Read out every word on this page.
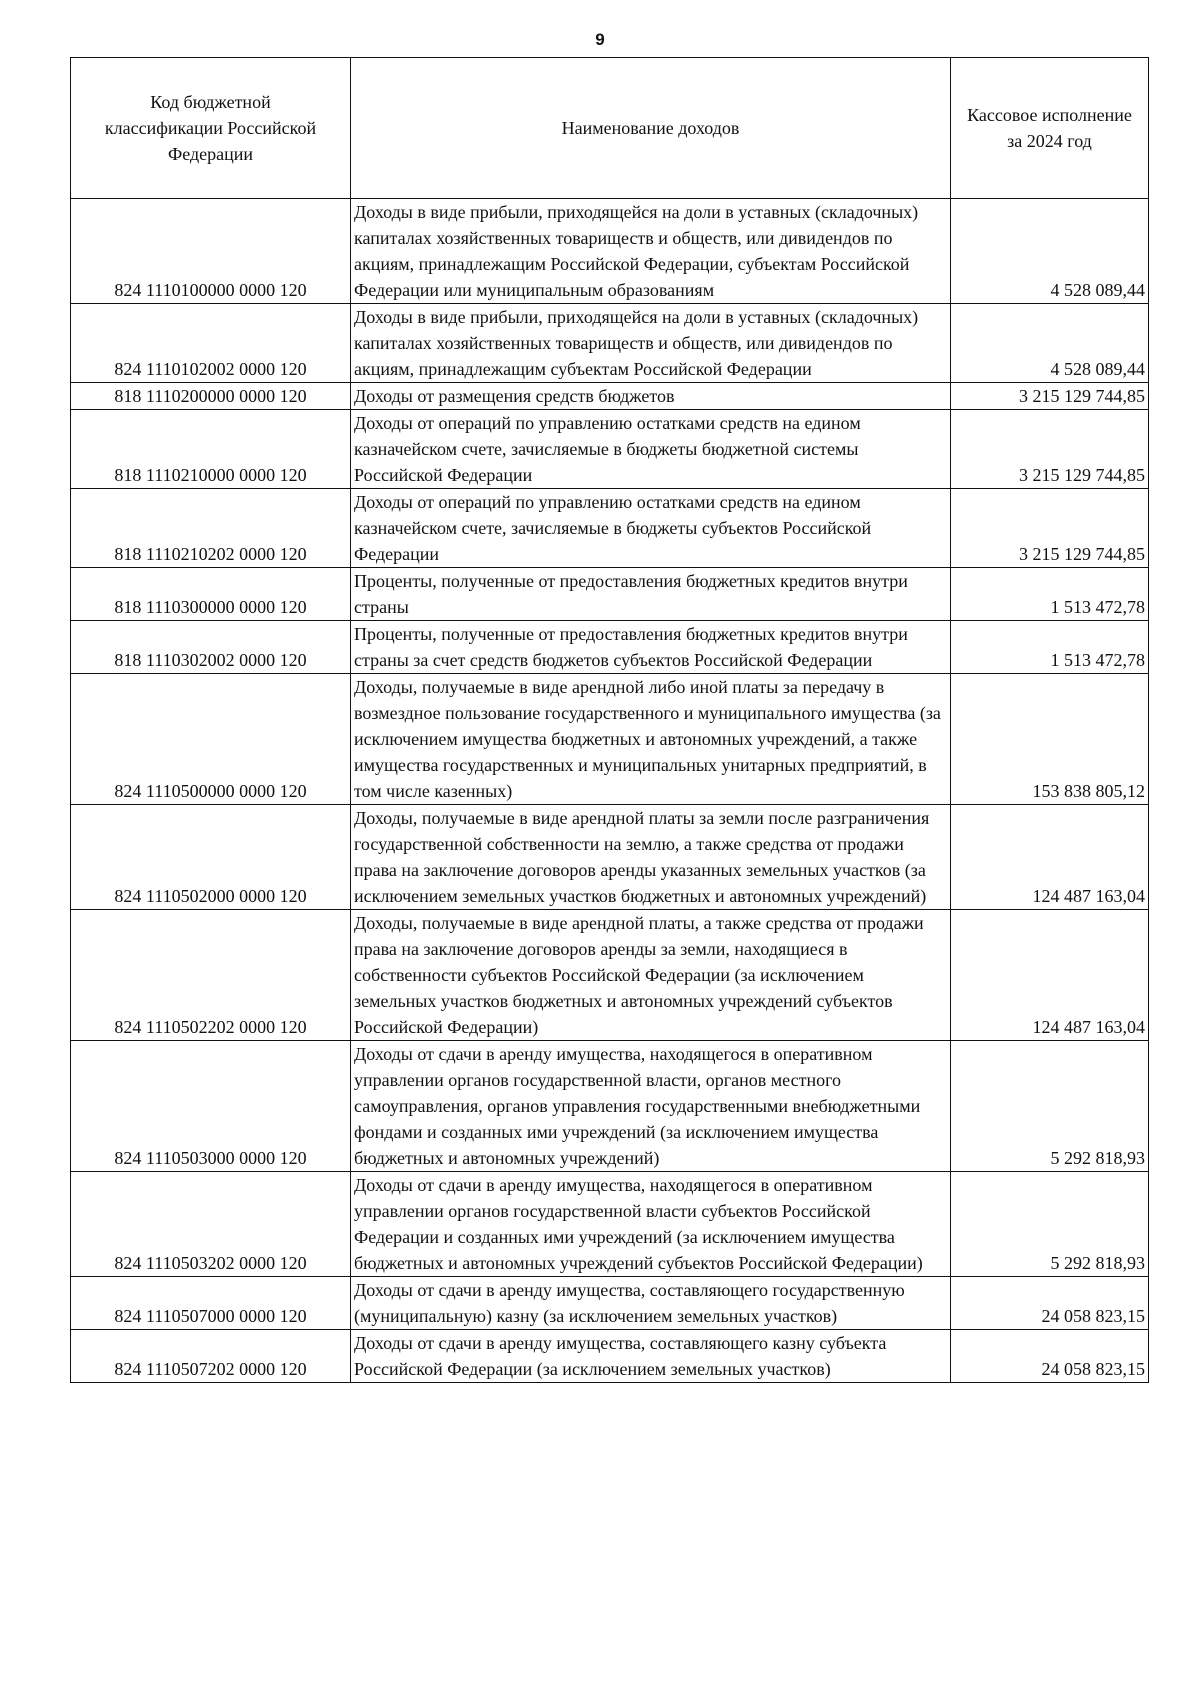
9
Код бюджетной классификации Российской Федерации	Наименование доходов	Кассовое исполнение за 2024 год

824 1110100000 0000 120	Доходы в виде прибыли, приходящейся на доли в уставных (складочных) капиталах хозяйственных товариществ и обществ, или дивидендов по акциям, принадлежащим Российской Федерации, субъектам Российской Федерации или муниципальным образованиям	4 528 089,44
824 1110102002 0000 120	Доходы в виде прибыли, приходящейся на доли в уставных (складочных) капиталах хозяйственных товариществ и обществ, или дивидендов по акциям, принадлежащим субъектам Российской Федерации	4 528 089,44
818 1110200000 0000 120	Доходы от размещения средств бюджетов	3 215 129 744,85
818 1110210000 0000 120	Доходы от операций по управлению остатками средств на едином казначейском счете, зачисляемые в бюджеты бюджетной системы Российской Федерации	3 215 129 744,85
818 1110210202 0000 120	Доходы от операций по управлению остатками средств на едином казначейском счете, зачисляемые в бюджеты субъектов Российской Федерации	3 215 129 744,85
818 1110300000 0000 120	Проценты, полученные от предоставления бюджетных кредитов внутри страны	1 513 472,78
818 1110302002 0000 120	Проценты, полученные от предоставления бюджетных кредитов внутри страны за счет средств бюджетов субъектов Российской Федерации	1 513 472,78
824 1110500000 0000 120	Доходы, получаемые в виде арендной либо иной платы за передачу в возмездное пользование государственного и муниципального имущества (за исключением имущества бюджетных и автономных учреждений, а также имущества государственных и муниципальных унитарных предприятий, в том числе казенных)	153 838 805,12
824 1110502000 0000 120	Доходы, получаемые в виде арендной платы за земли после разграничения государственной собственности на землю, а также средства от продажи права на заключение договоров аренды указанных земельных участков (за исключением земельных участков бюджетных и автономных учреждений)	124 487 163,04
824 1110502202 0000 120	Доходы, получаемые в виде арендной платы, а также средства от продажи права на заключение договоров аренды за земли, находящиеся в собственности субъектов Российской Федерации (за исключением земельных участков бюджетных и автономных учреждений субъектов Российской Федерации)	124 487 163,04
824 1110503000 0000 120	Доходы от сдачи в аренду имущества, находящегося в оперативном управлении органов государственной власти, органов местного самоуправления, органов управления государственными внебюджетными фондами и созданных ими учреждений (за исключением имущества бюджетных и автономных учреждений)	5 292 818,93
824 1110503202 0000 120	Доходы от сдачи в аренду имущества, находящегося в оперативном управлении органов государственной власти субъектов Российской Федерации и созданных ими учреждений (за исключением имущества бюджетных и автономных учреждений субъектов Российской Федерации)	5 292 818,93
824 1110507000 0000 120	Доходы от сдачи в аренду имущества, составляющего государственную (муниципальную) казну (за исключением земельных участков)	24 058 823,15
824 1110507202 0000 120	Доходы от сдачи в аренду имущества, составляющего казну субъекта Российской Федерации (за исключением земельных участков)	24 058 823,15
